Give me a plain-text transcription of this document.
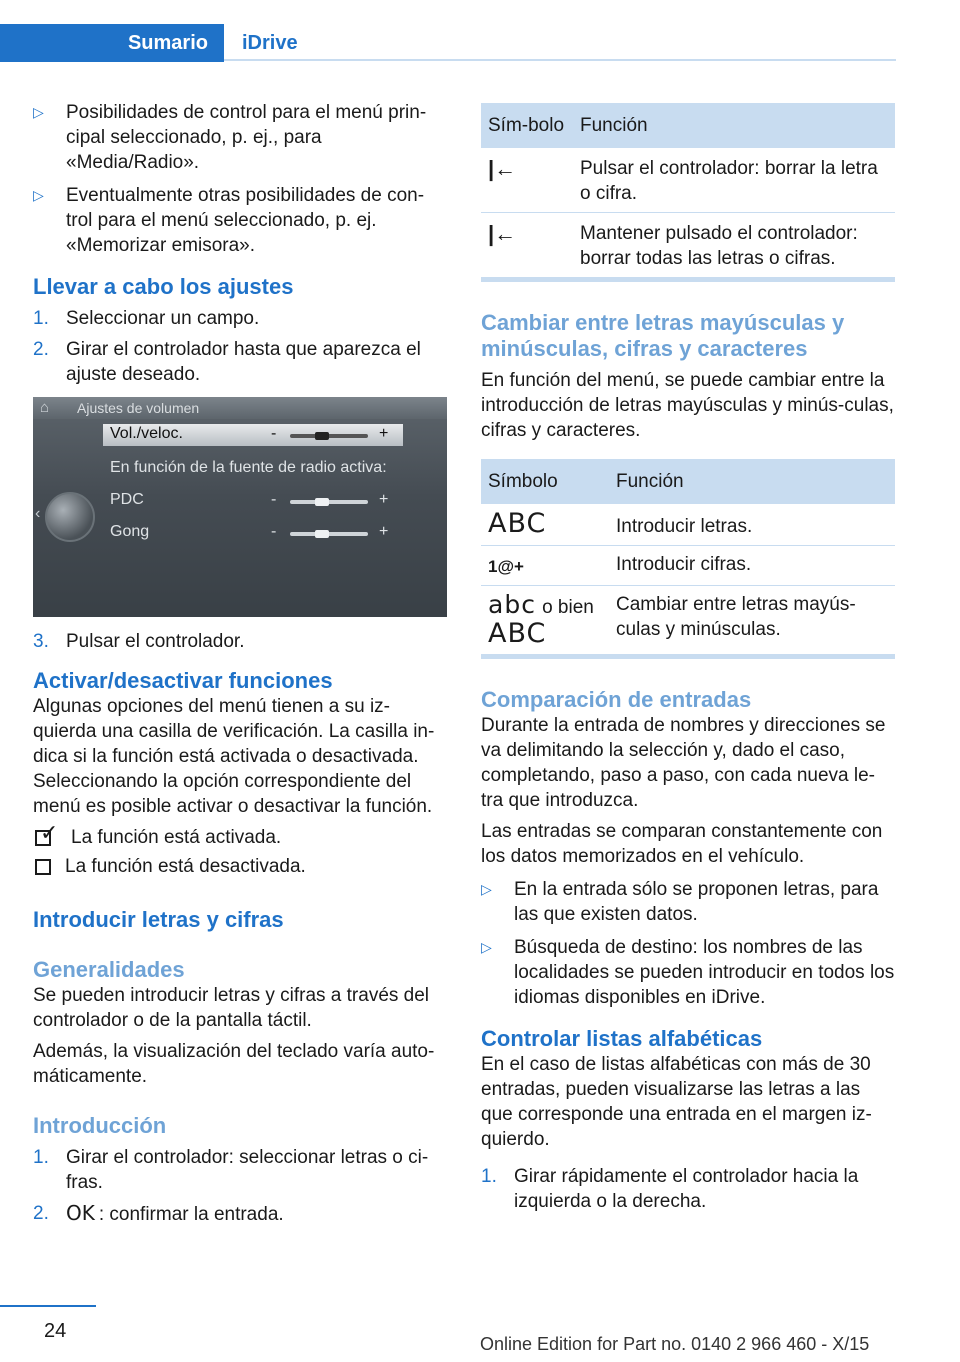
Sumario	iDrive
▷ Posibilidades de control para el menú prin-cipal seleccionado, p. ej., para «Media/Radio».
▷ Eventualmente otras posibilidades de con-trol para el menú seleccionado, p. ej. «Memorizar emisora».
Llevar a cabo los ajustes
1. Seleccionar un campo.
2. Girar el controlador hasta que aparezca el ajuste deseado.
⌂ Ajustes de volumen
Vol./veloc.	-	+
En función de la fuente de radio activa:
PDC	-	+
Gong	-	+
‹
3. Pulsar el controlador.
Activar/desactivar funciones

Algunas opciones del menú tienen a su iz-quierda una casilla de verificación. La casilla in-dica si la función está activada o desactivada. Seleccionando la opción correspondiente del menú es posible activar o desactivar la función.

✓ La función está activada.
La función está desactivada.
Introducir letras y cifras
Generalidades

Se pueden introducir letras y cifras a través del controlador o de la pantalla táctil.

Además, la visualización del teclado varía auto-máticamente.

Introducción
1. Girar el controlador: seleccionar letras o ci-fras.
2. OK : confirmar la entrada.
Sím-bolo	Función
|←	Pulsar el controlador: borrar la letra o cifra.
|←	Mantener pulsado el controlador: borrar todas las letras o cifras.
Cambiar entre letras mayúsculas y minúsculas, cifras y caracteres

En función del menú, se puede cambiar entre la introducción de letras mayúsculas y minús-culas, cifras y caracteres.

Símbolo	Función
ABC	Introducir letras.
1@+	Introducir cifras.
abc o bien
ABC	Cambiar entre letras mayús-culas y minúsculas.
Comparación de entradas

Durante la entrada de nombres y direcciones se va delimitando la selección y, dado el caso, completando, paso a paso, con cada nueva le-tra que introduzca.

Las entradas se comparan constantemente con los datos memorizados en el vehículo.

▷ En la entrada sólo se proponen letras, para las que existen datos.
▷ Búsqueda de destino: los nombres de las localidades se pueden introducir en todos los idiomas disponibles en iDrive.
Controlar listas alfabéticas

En el caso de listas alfabéticas con más de 30 entradas, pueden visualizarse las letras a las que corresponde una entrada en el margen iz-quierdo.

1. Girar rápidamente el controlador hacia la izquierda o la derecha.
24
Online Edition for Part no. 0140 2 966 460 - X/15
